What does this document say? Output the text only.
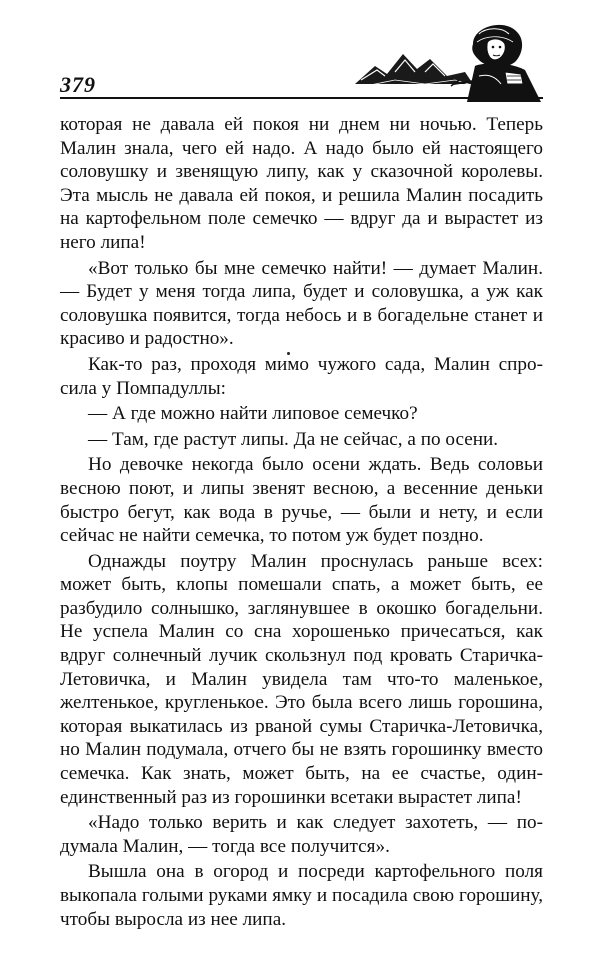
379

которая не давала ей покоя ни днем ни ночью. Теперь Малин знала, чего ей надо. А надо было ей настоящего соловушку и звенящую липу, как у сказочной королевы. Эта мысль не давала ей покоя, и решила Малин посадить на картофельном поле семечко — вдруг да и вырастет из него липа!

«Вот только бы мне семечко найти! — думает Малин. — Будет у меня тогда липа, будет и соловушка, а уж как соловушка появится, тогда небось и в богадельне станет и красиво и радостно».

Как-то раз, проходя мимо чужого сада, Малин спросила у Помпадуллы:

— А где можно найти липовое семечко?

— Там, где растут липы. Да не сейчас, а по осени.

Но девочке некогда было осени ждать. Ведь соловьи весною поют, и липы звенят весною, а весенние деньки быстро бегут, как вода в ручье, — были и нету, и если сейчас не найти семечка, то потом уж будет поздно.

Однажды поутру Малин проснулась раньше всех: может быть, клопы помешали спать, а может быть, ее разбудило солнышко, заглянувшее в окошко богадельни. Не успела Малин со сна хорошенько причесаться, как вдруг солнечный лучик скользнул под кровать Старичка-Летовичка, и Малин увидела там что-то маленькое, желтенькое, кругленькое. Это была всего лишь горошина, которая выкатилась из рваной сумы Старичка-Летовичка, но Малин подумала, отчего бы не взять горошинку вместо семечка. Как знать, может быть, на ее счастье, один-единственный раз из горошинки всетаки вырастет липа!

«Надо только верить и как следует захотеть, — подумала Малин, — тогда все получится».

Вышла она в огород и посреди картофельного поля выкопала голыми руками ямку и посадила свою горошину, чтобы выросла из нее липа.
